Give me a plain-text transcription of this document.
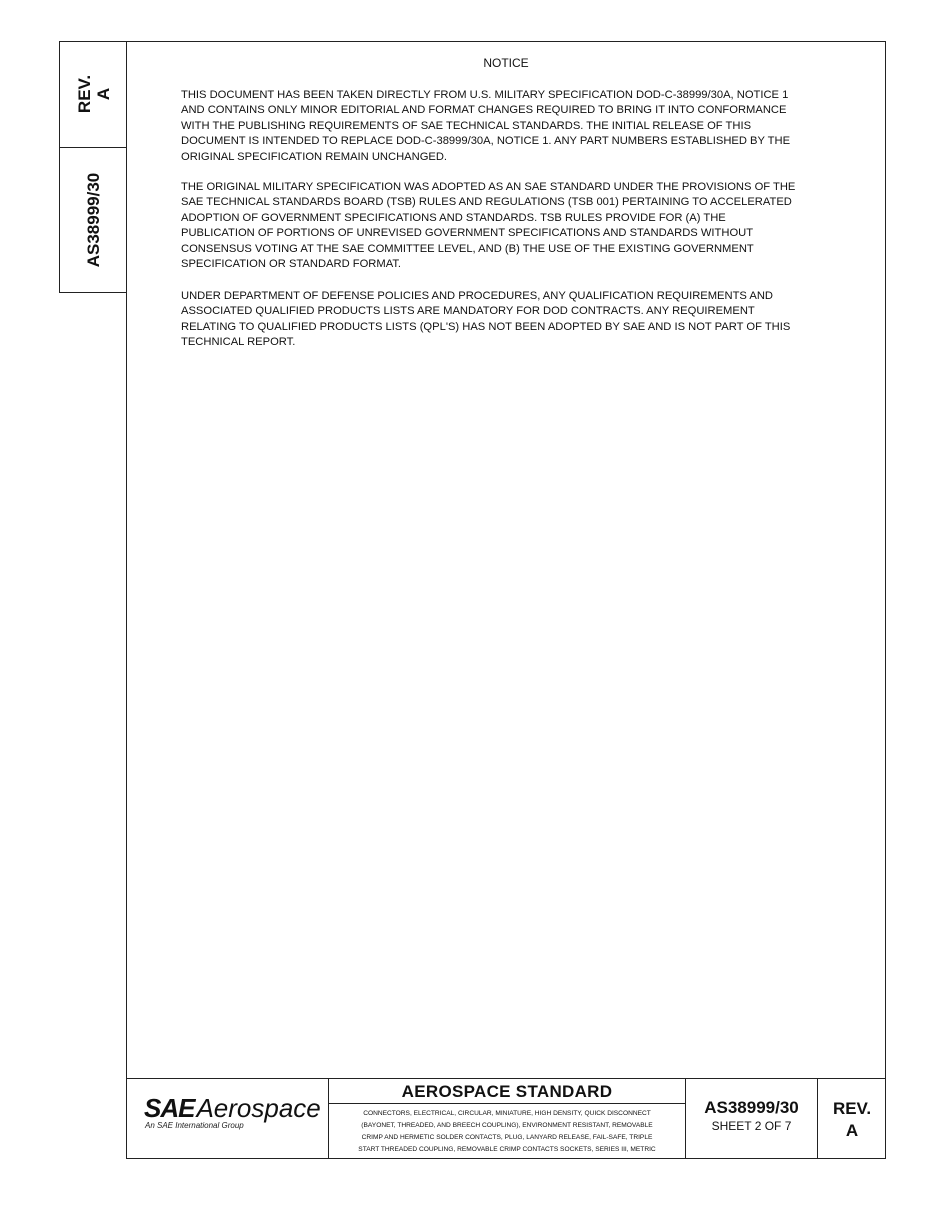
REV.
A
AS38999/30
NOTICE

THIS DOCUMENT HAS BEEN TAKEN DIRECTLY FROM U.S. MILITARY SPECIFICATION DOD-C-38999/30A, NOTICE 1
AND CONTAINS ONLY MINOR EDITORIAL AND FORMAT CHANGES REQUIRED TO BRING IT INTO CONFORMANCE
WITH THE PUBLISHING REQUIREMENTS OF SAE TECHNICAL STANDARDS. THE INITIAL RELEASE OF THIS
DOCUMENT IS INTENDED TO REPLACE DOD-C-38999/30A, NOTICE 1. ANY PART NUMBERS ESTABLISHED BY THE
ORIGINAL SPECIFICATION REMAIN UNCHANGED.

THE ORIGINAL MILITARY SPECIFICATION WAS ADOPTED AS AN SAE STANDARD UNDER THE PROVISIONS OF THE
SAE TECHNICAL STANDARDS BOARD (TSB) RULES AND REGULATIONS (TSB 001) PERTAINING TO ACCELERATED
ADOPTION OF GOVERNMENT SPECIFICATIONS AND STANDARDS. TSB RULES PROVIDE FOR (A) THE
PUBLICATION OF PORTIONS OF UNREVISED GOVERNMENT SPECIFICATIONS AND STANDARDS WITHOUT
CONSENSUS VOTING AT THE SAE COMMITTEE LEVEL, AND (B) THE USE OF THE EXISTING GOVERNMENT
SPECIFICATION OR STANDARD FORMAT.

UNDER DEPARTMENT OF DEFENSE POLICIES AND PROCEDURES, ANY QUALIFICATION REQUIREMENTS AND
ASSOCIATED QUALIFIED PRODUCTS LISTS ARE MANDATORY FOR DOD CONTRACTS. ANY REQUIREMENT
RELATING TO QUALIFIED PRODUCTS LISTS (QPL'S) HAS NOT BEEN ADOPTED BY SAE AND IS NOT PART OF THIS
TECHNICAL REPORT.

SAEAerospace
An SAE International Group
AEROSPACE STANDARD
CONNECTORS, ELECTRICAL, CIRCULAR, MINIATURE, HIGH DENSITY, QUICK DISCONNECT
(BAYONET, THREADED, AND BREECH COUPLING), ENVIRONMENT RESISTANT, REMOVABLE
CRIMP AND HERMETIC SOLDER CONTACTS, PLUG, LANYARD RELEASE, FAIL-SAFE, TRIPLE
START THREADED COUPLING, REMOVABLE CRIMP CONTACTS SOCKETS, SERIES III, METRIC
AS38999/30
SHEET 2 OF 7
REV.
A
